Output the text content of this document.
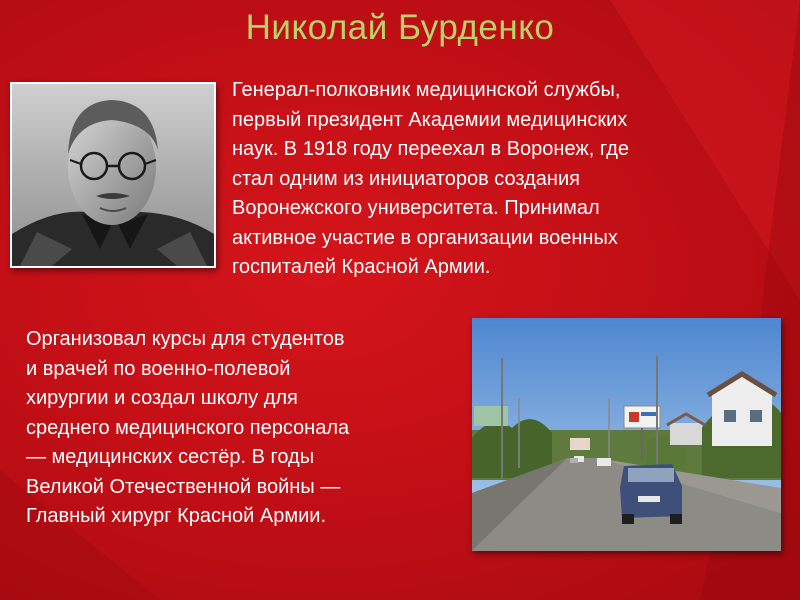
Николай Бурденко
Генерал-полковник медицинской службы,
первый президент Академии медицинских
наук. В 1918 году переехал в Воронеж, где
стал одним из инициаторов создания
Воронежского университета. Принимал
активное участие в организации военных
госпиталей Красной Армии.
Организовал курсы для студентов
и врачей по военно-полевой
хирургии и создал школу для
среднего медицинского персонала
— медицинских сестёр. В годы
Великой Отечественной войны —
Главный хирург Красной Армии.
